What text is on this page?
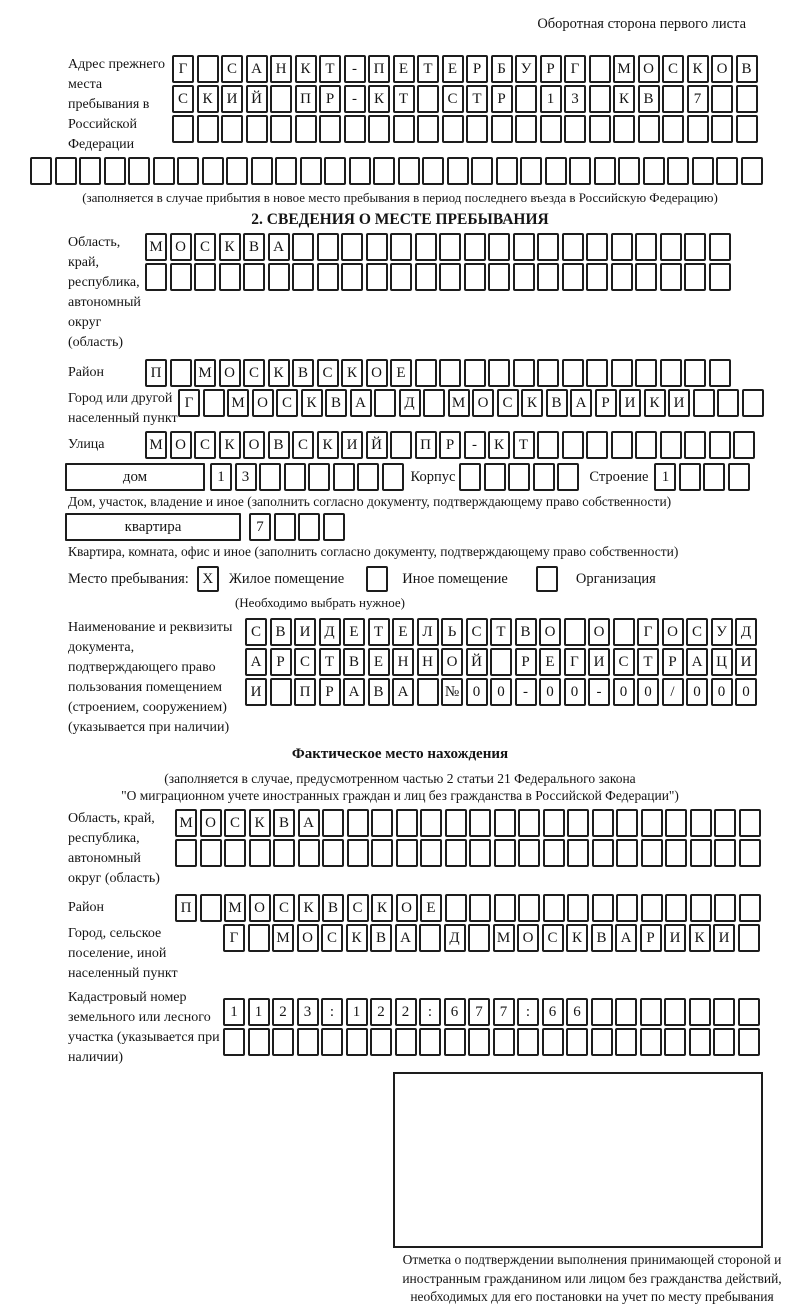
Оборотная сторона первого листа
Адрес прежнего места пребывания в Российской Федерации
Г	С А Н К Т	-	П Е	Т	Е	Р	Б У	Р	Г	М О С К О В
С К И Й	П Р	-	К Т	С Т	Р	1	3	К В	7
(заполняется в случае прибытия в новое место пребывания в период последнего въезда в Российскую Федерацию)
2. СВЕДЕНИЯ О МЕСТЕ ПРЕБЫВАНИЯ
Область, край, республика, автономный округ (область)
М О С К В А
Район	П	М О С К В С К О Е
Город или другой населенный пункт
Г	М О С К В А	Д	М О С К В А Р И К И
Улица	М О С К О В С К И Й	П Р	-	К Т
дом	1	3	Корпус	Строение 1
Дом, участок, владение и иное (заполнить согласно документу, подтверждающему право собственности)
квартира	7
Квартира, комната, офис и иное (заполнить согласно документу, подтверждающему право собственности)
Место пребывания: X	Жилое помещение	Иное помещение	Организация
(Необходимо выбрать нужное)
Наименование и реквизиты документа, подтверждающего право пользования помещением (строением, сооружением) (указывается при наличии)
С В И Д Е	Т	Е Л	Ь	С Т В О	О	Г О С У Д
А Р	С Т В Е Н Н О Й	Р	Е	Г И С Т	Р А Ц И
И	П Р А В А	№ 0	0	-	0	0	-	0	0	/	0	0	0
Фактическое место нахождения
(заполняется в случае, предусмотренном частью 2 статьи 21 Федерального закона
"О миграционном учете иностранных граждан и лиц без гражданства в Российской Федерации")
Область, край, республика, автономный округ (область)
М О С К В А
Район	П	М О С К В С К О Е
Город, сельское поселение, иной населенный пункт
Г	М О С К В А	Д	М О С К В А Р И К И
Кадастровый номер земельного или лесного участка (указывается при наличии)
1	1	2	3	:	1	2	2	:	6	7	7	:	6	6
Отметка о подтверждении выполнения принимающей стороной и иностранным гражданином или лицом без гражданства действий, необходимых для его постановки на учет по месту пребывания
